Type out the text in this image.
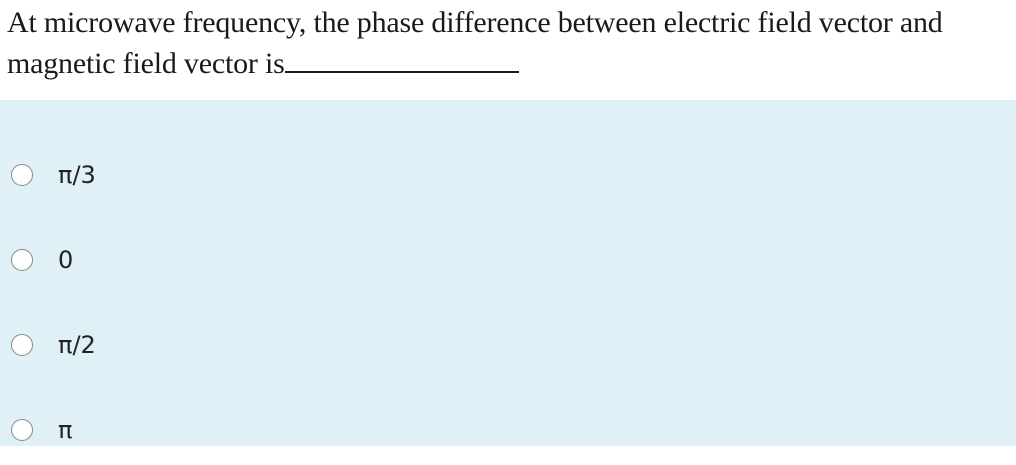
At microwave frequency, the phase difference between electric field vector and magnetic field vector is
π/3
0
π/2
π
